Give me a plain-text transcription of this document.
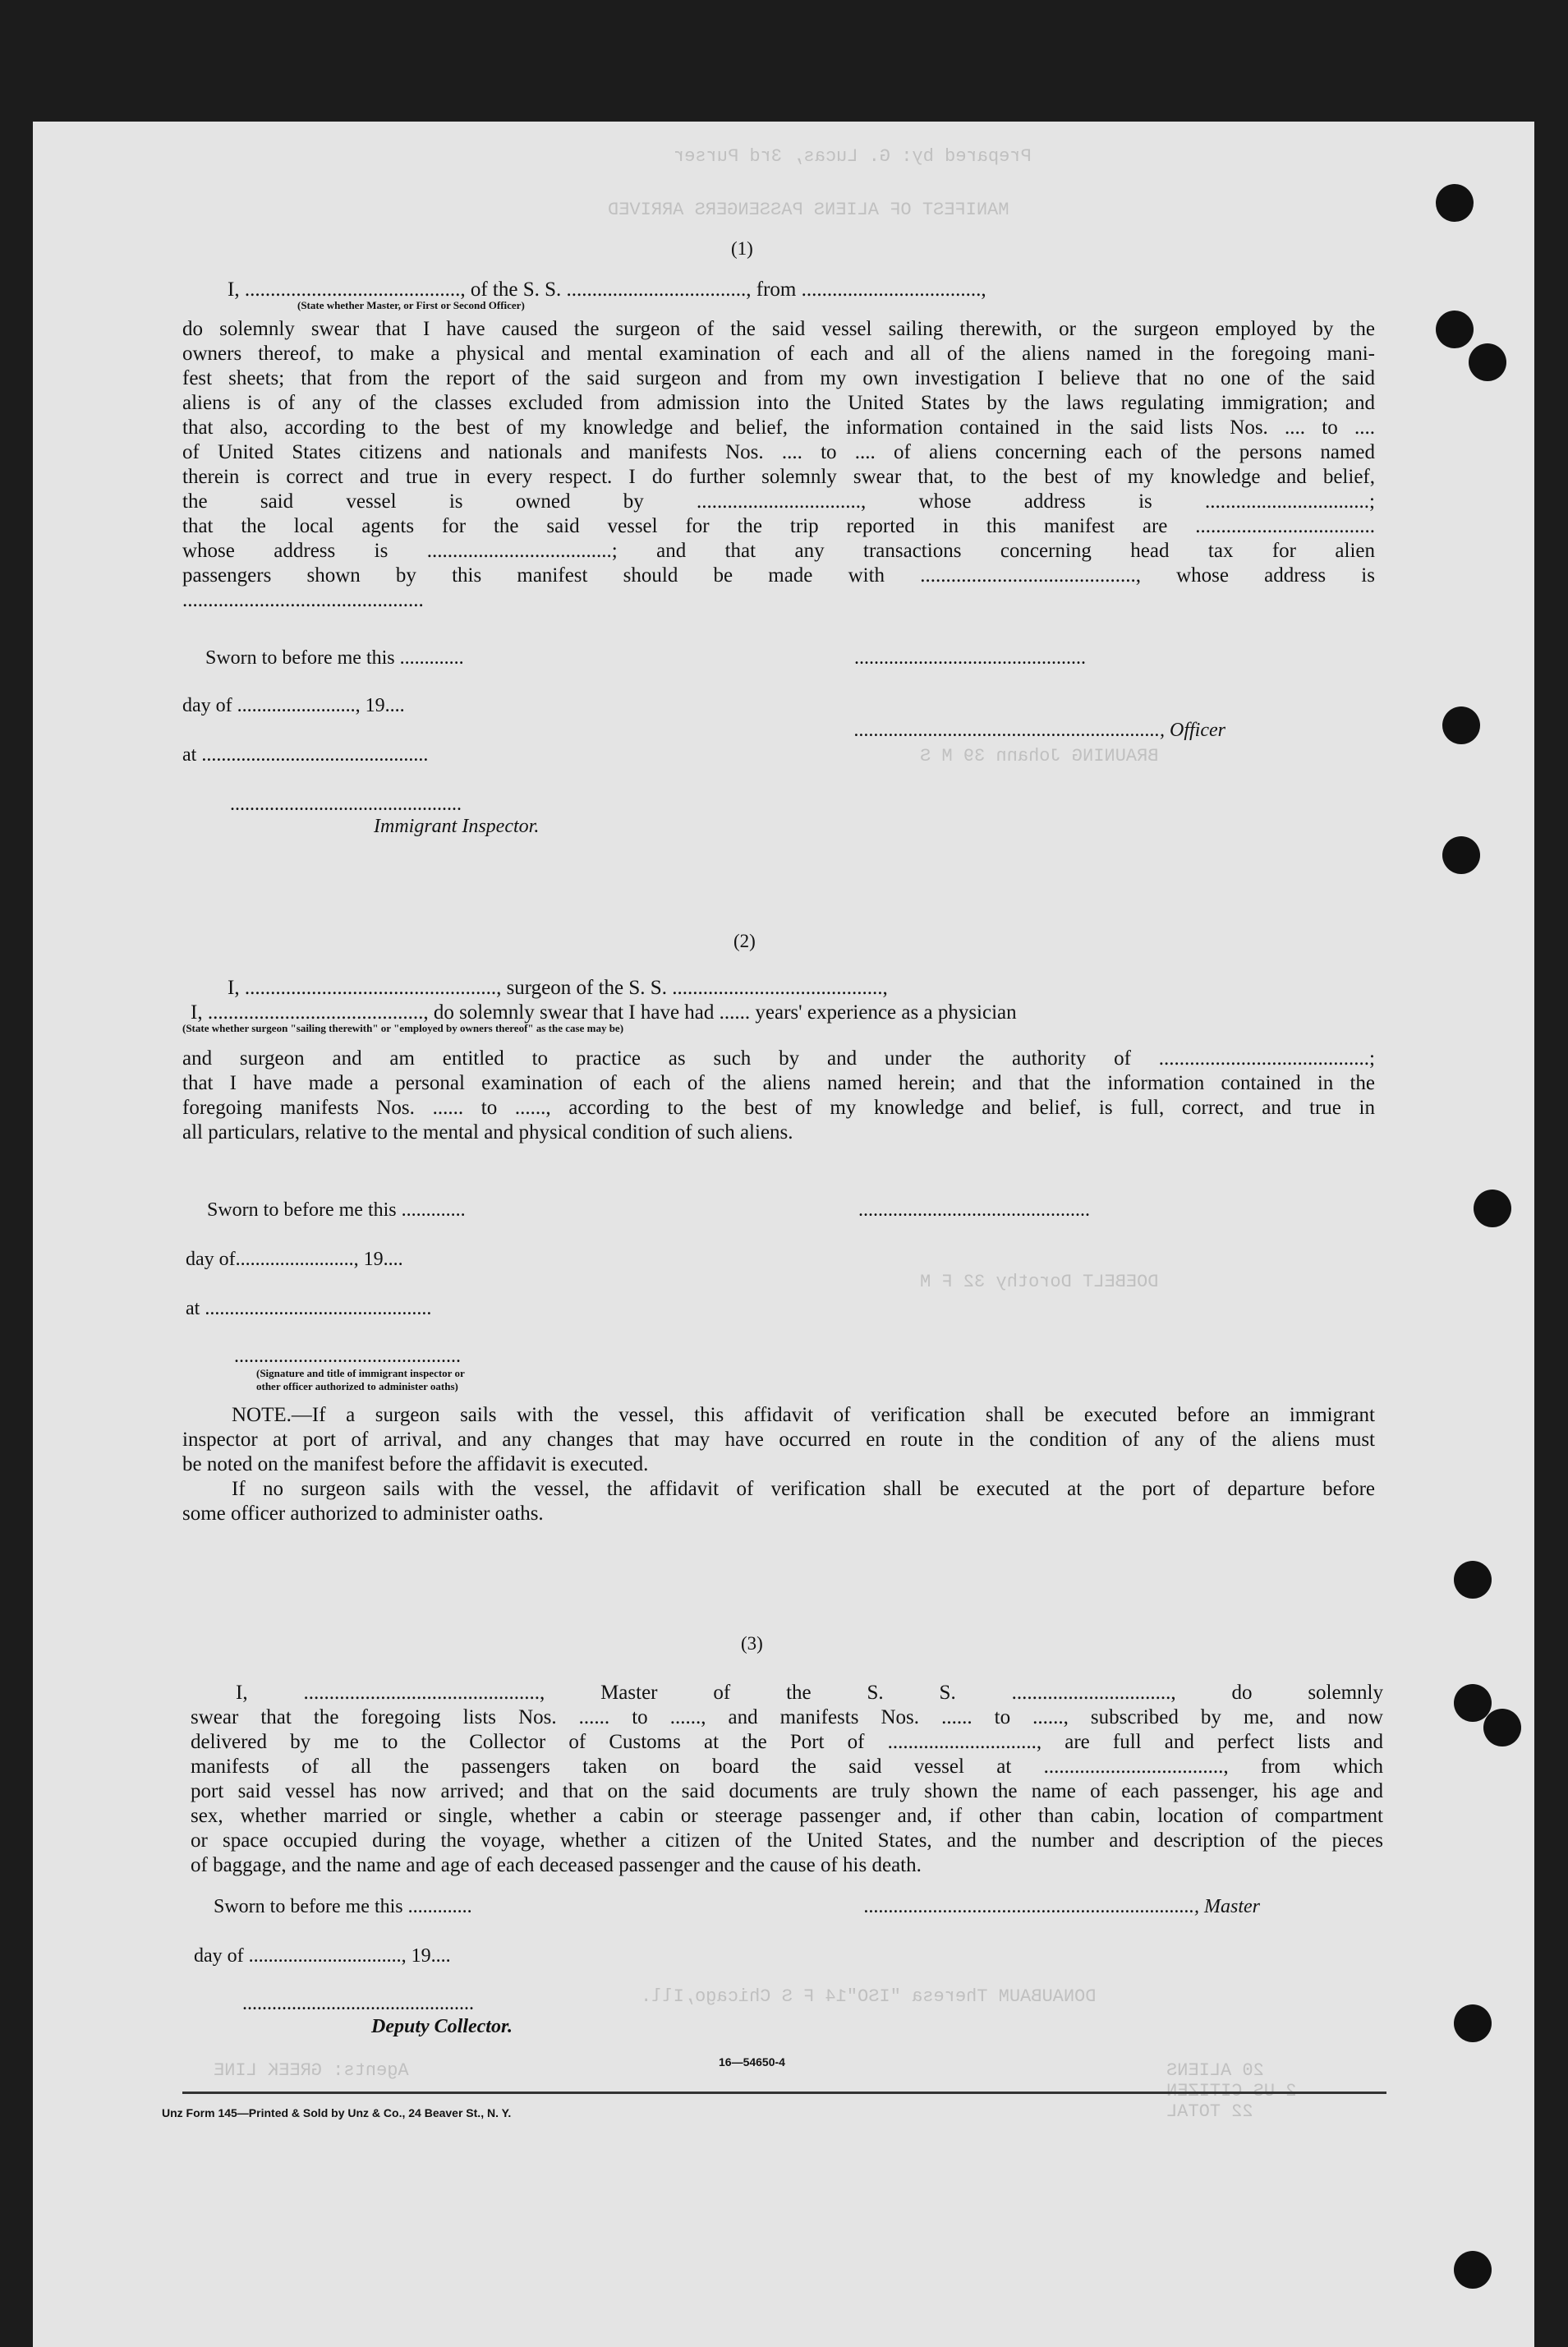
Prepared by: G. Lucas, 3rd Purser
MANIFEST OF ALIENS PASSENGERS ARRIVED
BRAUNING Johann 39 M S
DOEBELT Dorothy 32 F M
DONAUBAUM Theresa "ISO"14 F S Chicago,Ill.
20 ALIENS
2 US CITIZEN
22 TOTAL
Agents: GREEK LINE
(1)
I, .........................................., of the S. S. ..................................., from ...................................,
(State whether Master, or First or Second Officer)

do solemnly swear that I have caused the surgeon of the said vessel sailing therewith, or the surgeon employed by the

owners thereof, to make a physical and mental examination of each and all of the aliens named in the foregoing mani-

fest sheets; that from the report of the said surgeon and from my own investigation I believe that no one of the said

aliens is of any of the classes excluded from admission into the United States by the laws regulating immigration; and

that also, according to the best of my knowledge and belief, the information contained in the said lists Nos. .... to ....

of United States citizens and nationals and manifests Nos. .... to .... of aliens concerning each of the persons named

therein is correct and true in every respect. I do further solemnly swear that, to the best of my knowledge and belief,

the said vessel is owned by ................................, whose address is ................................;

that the local agents for the said vessel for the trip reported in this manifest are ...................................

whose address is ....................................; and that any transactions concerning head tax for alien

passengers shown by this manifest should be made with .........................................., whose address is

...............................................
Sworn to before me this .............	...............................................
day of ........................, 19....
.............................................................., Officer
at ..............................................
...............................................
Immigrant Inspector.
(2)
I, ................................................., surgeon of the S. S. .........................................,
I, .........................................., do solemnly swear that I have had ...... years' experience as a physician
(State whether surgeon "sailing therewith" or "employed by owners thereof" as the case may be)

and surgeon and am entitled to practice as such by and under the authority of .........................................;

that I have made a personal examination of each of the aliens named herein; and that the information contained in the

foregoing manifests Nos. ...... to ......, according to the best of my knowledge and belief, is full, correct, and true in

all particulars, relative to the mental and physical condition of such aliens.
Sworn to before me this .............	...............................................
day of........................, 19....
at ..............................................
..............................................
(Signature and title of immigrant inspector or
other officer authorized to administer oaths)

NOTE.—If a surgeon sails with the vessel, this affidavit of verification shall be executed before an immigrant

inspector at port of arrival, and any changes that may have occurred en route in the condition of any of the aliens must

be noted on the manifest before the affidavit is executed.

If no surgeon sails with the vessel, the affidavit of verification shall be executed at the port of departure before

some officer authorized to administer oaths.
(3)

I, .............................................., Master of the S. S. ..............................., do solemnly

swear that the foregoing lists Nos. ...... to ......, and manifests Nos. ...... to ......, subscribed by me, and now

delivered by me to the Collector of Customs at the Port of ............................., are full and perfect lists and

manifests of all the passengers taken on board the said vessel at ..................................., from which

port said vessel has now arrived; and that on the said documents are truly shown the name of each passenger, his age and

sex, whether married or single, whether a cabin or steerage passenger and, if other than cabin, location of compartment

or space occupied during the voyage, whether a citizen of the United States, and the number and description of the pieces

of baggage, and the name and age of each deceased passenger and the cause of his death.
Sworn to before me this .............	..................................................................., Master
day of ..............................., 19....
...............................................
Deputy Collector.
16—54650-4
Unz Form 145—Printed & Sold by Unz & Co., 24 Beaver St., N. Y.
